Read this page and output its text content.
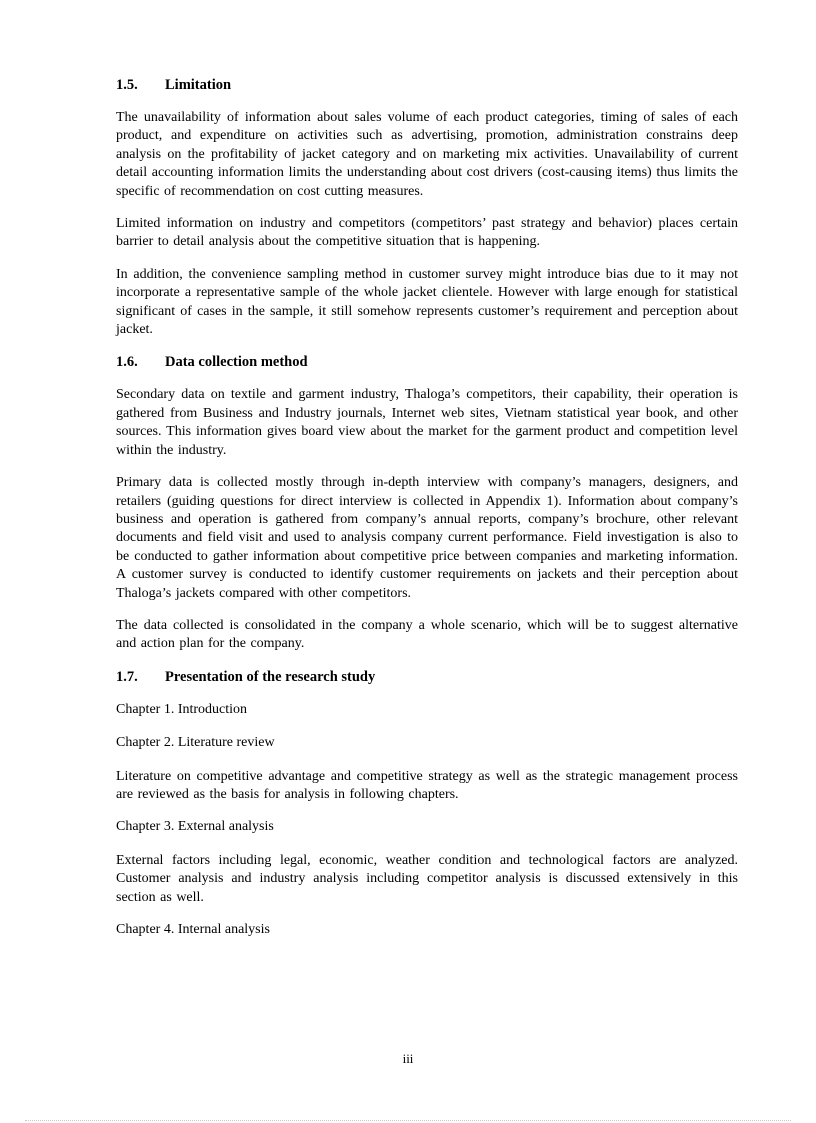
1.5.	Limitation

The unavailability of information about sales volume of each product categories, timing of sales of each product, and expenditure on activities such as advertising, promotion, administration constrains deep analysis on the profitability of jacket category and on marketing mix activities. Unavailability of current detail accounting information limits the understanding about cost drivers (cost-causing items) thus limits the specific of recommendation on cost cutting measures.

Limited information on industry and competitors (competitors’ past strategy and behavior) places certain barrier to detail analysis about the competitive situation that is happening.

In addition, the convenience sampling method in customer survey might introduce bias due to it may not incorporate a representative sample of the whole jacket clientele. However with large enough for statistical significant of cases in the sample, it still somehow represents customer’s requirement and perception about jacket.

1.6.	Data collection method

Secondary data on textile and garment industry, Thaloga’s competitors, their capability, their operation is gathered from Business and Industry journals, Internet web sites, Vietnam statistical year book, and other sources. This information gives board view about the market for the garment product and competition level within the industry.

Primary data is collected mostly through in-depth interview with company’s managers, designers, and retailers (guiding questions for direct interview is collected in Appendix 1). Information about company’s business and operation is gathered from company’s annual reports, company’s brochure, other relevant documents and field visit and used to analysis company current performance. Field investigation is also to be conducted to gather information about competitive price between companies and marketing information. A customer survey is conducted to identify customer requirements on jackets and their perception about Thaloga’s jackets compared with other competitors.

The data collected is consolidated in the company a whole scenario, which will be to suggest alternative and action plan for the company.

1.7.	Presentation of the research study

Chapter 1. Introduction

Chapter 2. Literature review

Literature on competitive advantage and competitive strategy as well as the strategic management process are reviewed as the basis for analysis in following chapters.

Chapter 3. External analysis

External factors including legal, economic, weather condition and technological factors are analyzed. Customer analysis and industry analysis including competitor analysis is discussed extensively in this section as well.

Chapter 4. Internal analysis

iii
